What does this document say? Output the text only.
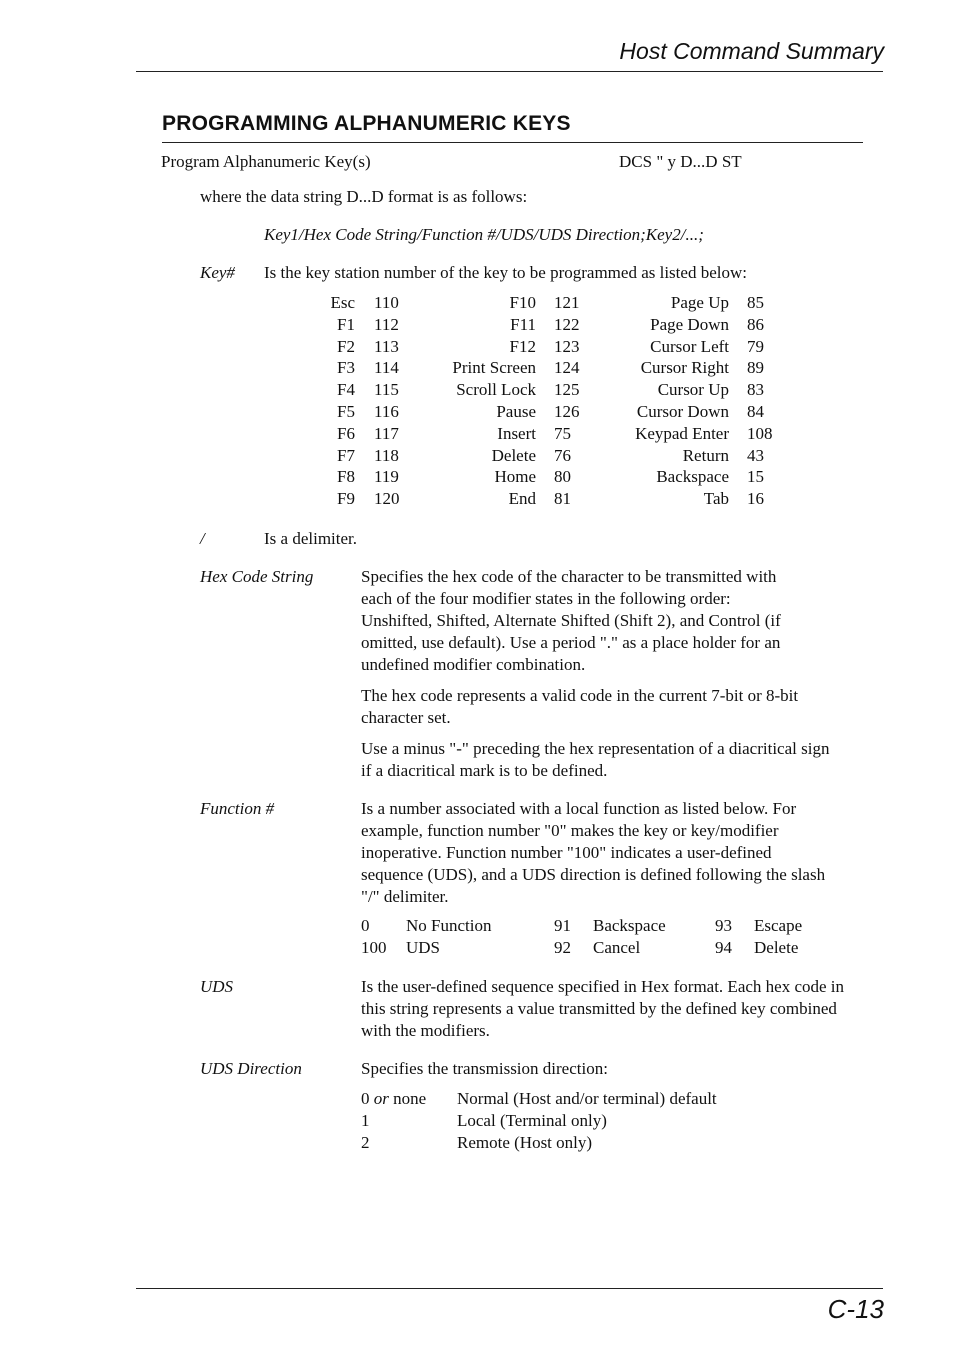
Host Command Summary
PROGRAMMING ALPHANUMERIC KEYS
Program Alphanumeric Key(s)	DCS " y D...D ST
where the data string D...D format is as follows:
Key1/Hex Code String/Function #/UDS/UDS Direction;Key2/...;
Key# Is the key station number of the key to be programmed as listed below:
Esc 110	F10 121	Page Up 85
F1 112	F11 122	Page Down 86
F2 113	F12 123	Cursor Left 79
F3 114	Print Screen 124	Cursor Right 89
F4 115	Scroll Lock 125	Cursor Up 83
F5 116	Pause 126	Cursor Down 84
F6 117	Insert 75	Keypad Enter 108
F7 118	Delete 76	Return 43
F8 119	Home 80	Backspace 15
F9 120	End 81	Tab 16
/	Is a delimiter.
Hex Code String	Specifies the hex code of the character to be transmitted with each of the four modifier states in the following order: Unshifted, Shifted, Alternate Shifted (Shift 2), and Control (if omitted, use default). Use a period "." as a place holder for an undefined modifier combination.

The hex code represents a valid code in the current 7-bit or 8-bit character set.

Use a minus "-" preceding the hex representation of a diacritical sign if a diacritical mark is to be defined.

Function #	Is a number associated with a local function as listed below. For example, function number "0" makes the key or key/modifier inoperative. Function number "100" indicates a user-defined sequence (UDS), and a UDS direction is defined following the slash "/" delimiter.

0 No Function	91 Backspace	93 Escape
100 UDS	92 Cancel	94 Delete
UDS	Is the user-defined sequence specified in Hex format. Each hex code in this string represents a value transmitted by the defined key combined with the modifiers.

UDS Direction	Specifies the transmission direction:
0 or none Normal (Host and/or terminal) default
1	Local (Terminal only)
2	Remote (Host only)
C-13
